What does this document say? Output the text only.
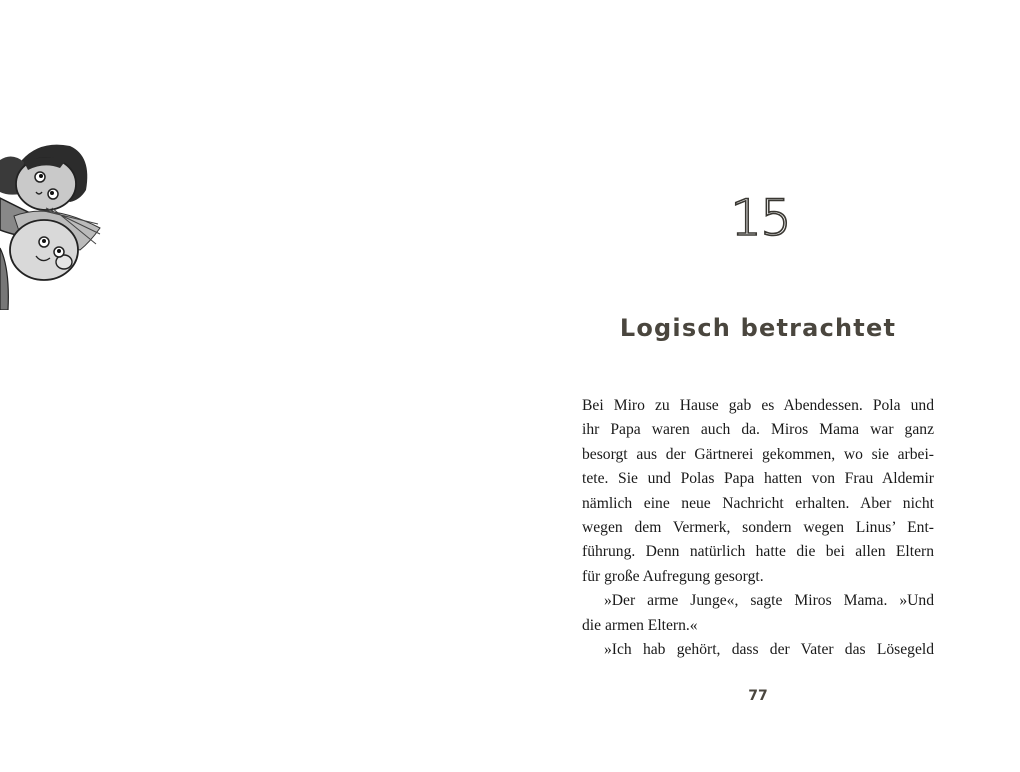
15
Logisch betrachtet
Bei Miro zu Hause gab es Abendessen. Pola und
ihr Papa waren auch da. Miros Mama war ganz
besorgt aus der Gärtnerei gekommen, wo sie arbei-
tete. Sie und Polas Papa hatten von Frau Aldemir
nämlich eine neue Nachricht erhalten. Aber nicht
wegen dem Vermerk, sondern wegen Linus’ Ent-
führung. Denn natürlich hatte die bei allen Eltern
für große Aufregung gesorgt.
»Der arme Junge«, sagte Miros Mama. »Und
die armen Eltern.«
»Ich hab gehört, dass der Vater das Lösegeld
77
